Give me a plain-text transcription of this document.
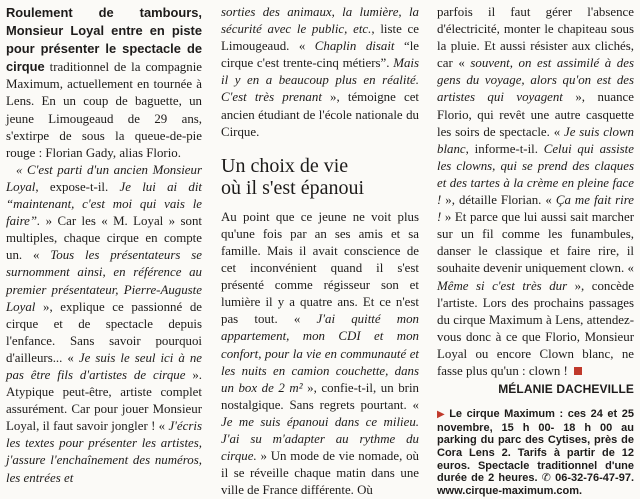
Roulement de tambours, Monsieur Loyal entre en piste pour présenter le spectacle de cirque traditionnel de la compagnie Maximum, actuellement en tournée à Lens. En un coup de baguette, un jeune Limougeaud de 29 ans, s'extirpe de sous la queue-de-pie rouge : Florian Gady, alias Florio.

« C'est parti d'un ancien Monsieur Loyal, expose-t-il. Je lui ai dit “maintenant, c'est moi qui vais le faire”. » Car les « M. Loyal » sont multiples, chaque cirque en compte un. « Tous les présentateurs se surnomment ainsi, en référence au premier présentateur, Pierre-Auguste Loyal », explique ce passionné de cirque et de spectacle depuis l'enfance. Sans savoir pourquoi d'ailleurs... « Je suis le seul ici à ne pas être fils d'artistes de cirque ». Atypique peut-être, artiste complet assurément. Car pour jouer Monsieur Loyal, il faut savoir jongler ! « J'écris les textes pour présenter les artistes, j'assure l'enchaînement des numéros, les entrées et

sorties des animaux, la lumière, la sécurité avec le public, etc., liste ce Limougeaud. « Chaplin disait “le cirque c'est trente-cinq métiers”. Mais il y en a beaucoup plus en réalité. C'est très prenant », témoigne cet ancien étudiant de l'école nationale du Cirque.

Un choix de vie
où il s'est épanoui

Au point que ce jeune ne voit plus qu'une fois par an ses amis et sa famille. Mais il avait conscience de cet inconvénient quand il s'est présenté comme régisseur son et lumière il y a quatre ans. Et ce n'est pas tout. « J'ai quitté mon appartement, mon CDI et mon confort, pour la vie en communauté et les nuits en camion couchette, dans un box de 2 m² », confie-t-il, un brin nostalgique. Sans regrets pourtant. « Je me suis épanoui dans ce milieu. J'ai su m'adapter au rythme du cirque. » Un mode de vie nomade, où il se réveille chaque matin dans une ville de France différente. Où

parfois il faut gérer l'absence d'électricité, monter le chapiteau sous la pluie. Et aussi résister aux clichés, car « souvent, on est assimilé à des gens du voyage, alors qu'on est des artistes qui voyagent », nuance Florio, qui revêt une autre casquette les soirs de spectacle. « Je suis clown blanc, informe-t-il. Celui qui assiste les clowns, qui se prend des claques et des tartes à la crème en pleine face ! », détaille Florian. « Ça me fait rire ! » Et parce que lui aussi sait marcher sur un fil comme les funambules, danser le classique et faire rire, il souhaite devenir uniquement clown. « Même si c'est très dur », concède l'artiste. Lors des prochains passages du cirque Maximum à Lens, attendez-vous donc à ce que Florio, Monsieur Loyal ou encore Clown blanc, ne fasse plus qu'un : clown !

MÉLANIE DACHEVILLE
▶ Le cirque Maximum : ces 24 et 25 novembre, 15 h 00- 18 h 00 au parking du parc des Cytises, près de Cora Lens 2. Tarifs à partir de 12 euros. Spectacle traditionnel d'une durée de 2 heures. ✆ 06-32-76-47-97. www.cirque-maximum.com.
